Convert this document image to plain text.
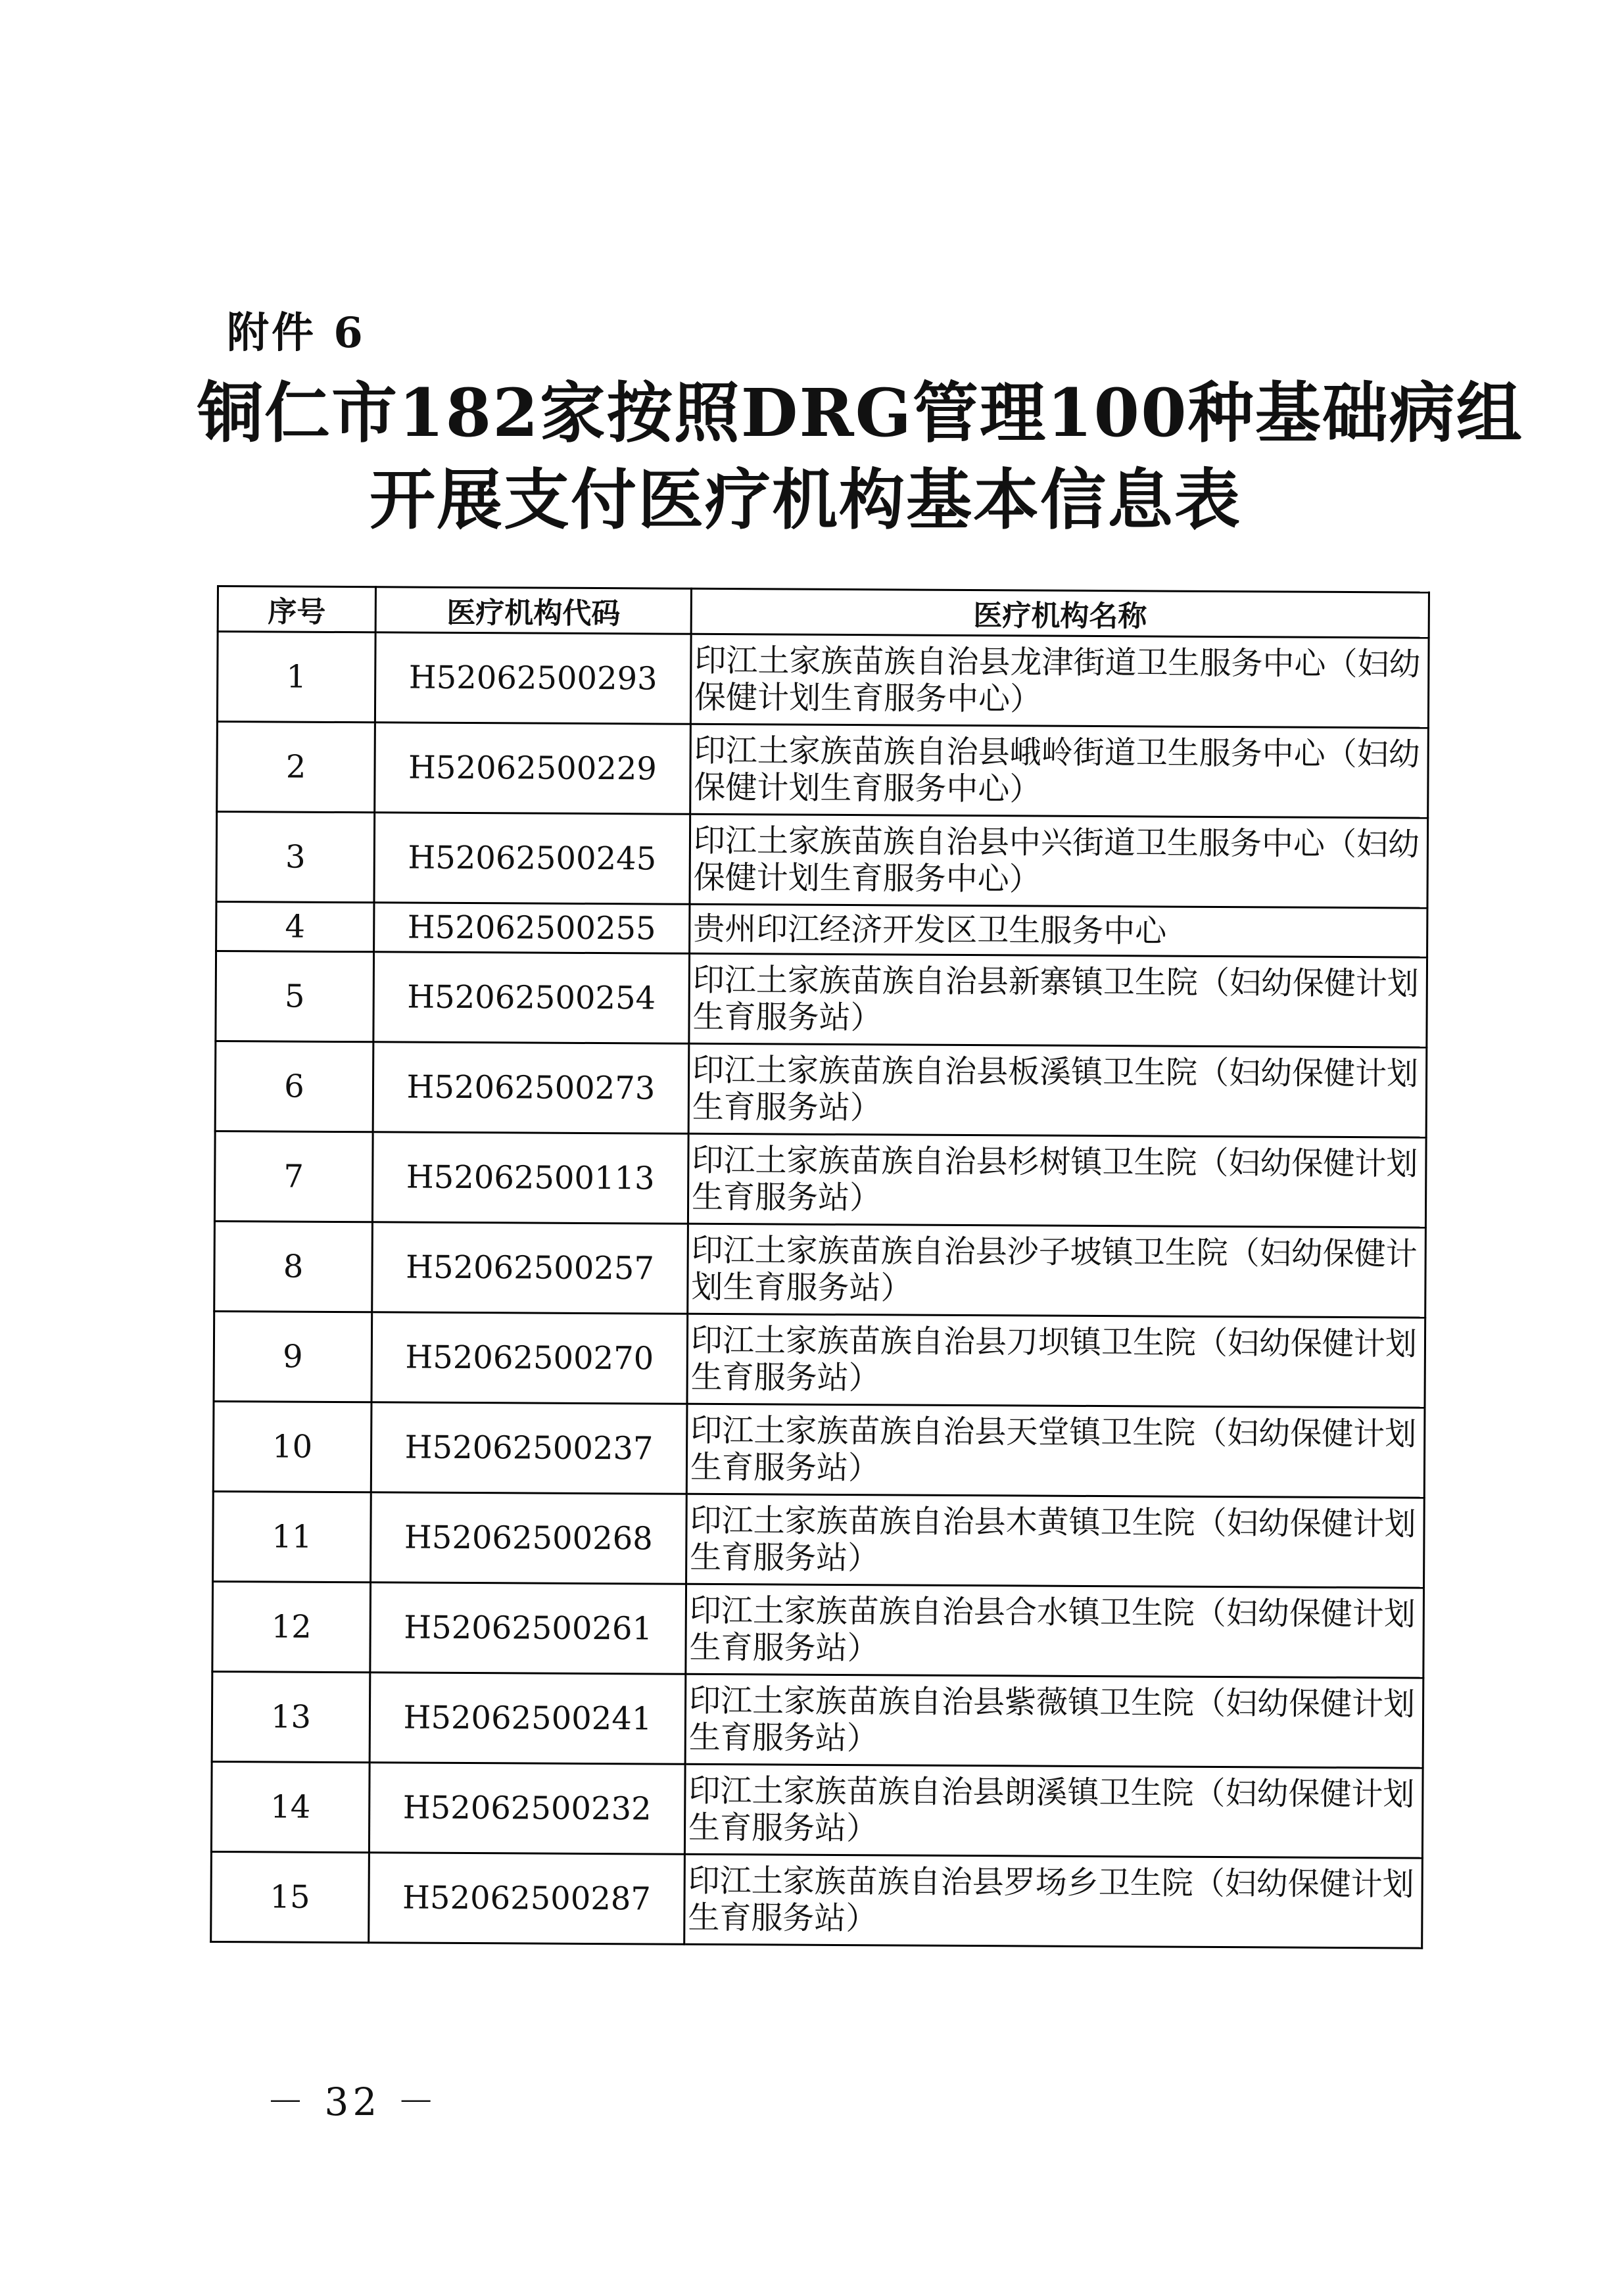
附件 6
铜仁市182家按照DRG管理100种基础病组
开展支付医疗机构基本信息表
序号	医疗机构代码	医疗机构名称
1	H52062500293	印江土家族苗族自治县龙津街道卫生服务中心（妇幼保健计划生育服务中心）
2	H52062500229	印江土家族苗族自治县峨岭街道卫生服务中心（妇幼保健计划生育服务中心）
3	H52062500245	印江土家族苗族自治县中兴街道卫生服务中心（妇幼保健计划生育服务中心）
4	H52062500255	贵州印江经济开发区卫生服务中心
5	H52062500254	印江土家族苗族自治县新寨镇卫生院（妇幼保健计划生育服务站）
6	H52062500273	印江土家族苗族自治县板溪镇卫生院（妇幼保健计划生育服务站）
7	H52062500113	印江土家族苗族自治县杉树镇卫生院（妇幼保健计划生育服务站）
8	H52062500257	印江土家族苗族自治县沙子坡镇卫生院（妇幼保健计划生育服务站）
9	H52062500270	印江土家族苗族自治县刀坝镇卫生院（妇幼保健计划生育服务站）
10	H52062500237	印江土家族苗族自治县天堂镇卫生院（妇幼保健计划生育服务站）
11	H52062500268	印江土家族苗族自治县木黄镇卫生院（妇幼保健计划生育服务站）
12	H52062500261	印江土家族苗族自治县合水镇卫生院（妇幼保健计划生育服务站）
13	H52062500241	印江土家族苗族自治县紫薇镇卫生院（妇幼保健计划生育服务站）
14	H52062500232	印江土家族苗族自治县朗溪镇卫生院（妇幼保健计划生育服务站）
15	H52062500287	印江土家族苗族自治县罗场乡卫生院（妇幼保健计划生育服务站）
－ 32 －
